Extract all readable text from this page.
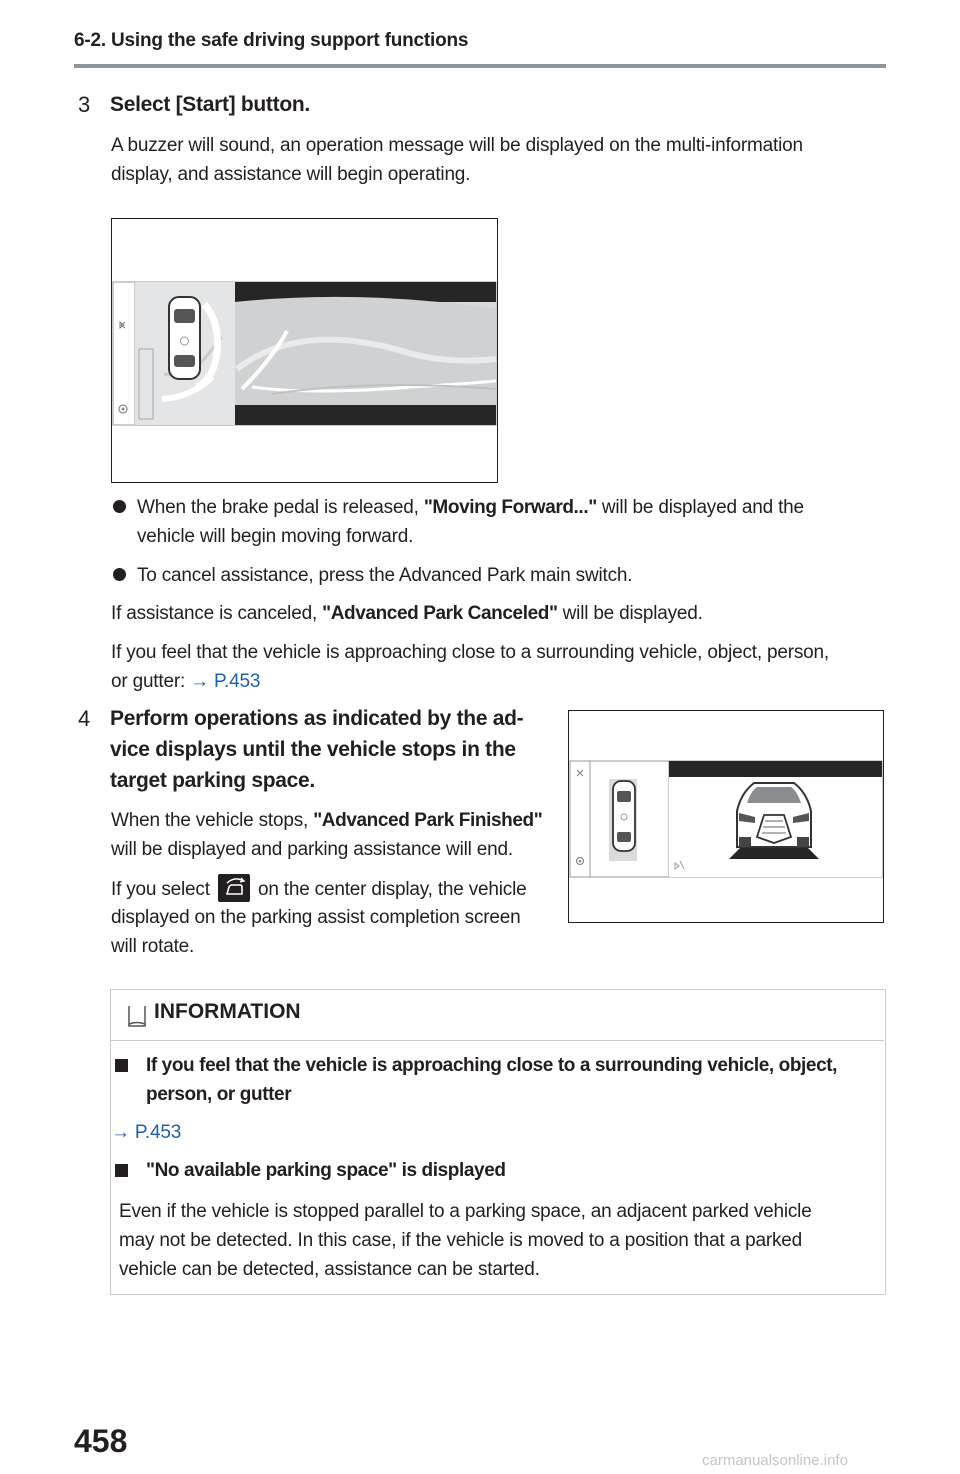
6-2. Using the safe driving support functions
3 Select [Start] button.
A buzzer will sound, an operation message will be displayed on the multi-information
display, and assistance will begin operating.
When the brake pedal is released, "Moving Forward..." will be displayed and the
vehicle will begin moving forward.
To cancel assistance, press the Advanced Park main switch.
If assistance is canceled, "Advanced Park Canceled" will be displayed.
If you feel that the vehicle is approaching close to a surrounding vehicle, object, person,
or gutter: → P.453
4 Perform operations as indicated by the ad-
vice displays until the vehicle stops in the
target parking space.
When the vehicle stops, "Advanced Park Finished"
will be displayed and parking assistance will end.
If you select  on the center display, the vehicle
displayed on the parking assist completion screen
will rotate.
INFORMATION
If you feel that the vehicle is approaching close to a surrounding vehicle, object,
person, or gutter
→ P.453
"No available parking space" is displayed
Even if the vehicle is stopped parallel to a parking space, an adjacent parked vehicle
may not be detected. In this case, if the vehicle is moved to a position that a parked
vehicle can be detected, assistance can be started.
458
carmanualsonline.info
